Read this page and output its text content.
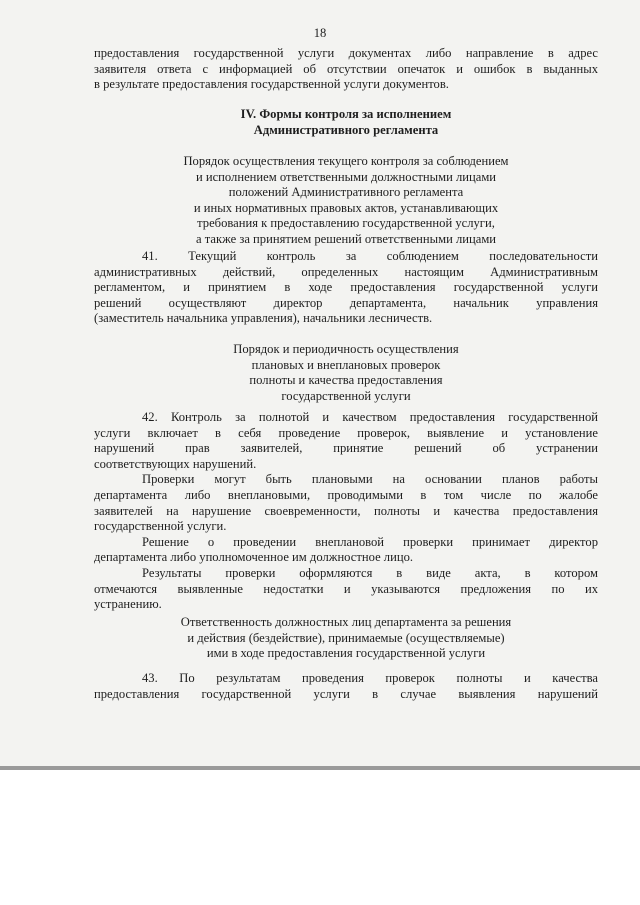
18

предоставления государственной услуги документах либо направление в адрес

заявителя ответа с информацией об отсутствии опечаток и ошибок в выданных

в результате предоставления государственной услуги документов.

IV. Формы контроля за исполнением

Административного регламента

Порядок осуществления текущего контроля за соблюдением

и исполнением ответственными должностными лицами

положений Административного регламента

и иных нормативных правовых актов, устанавливающих

требования к предоставлению государственной услуги,

а также за принятием решений ответственными лицами

41. Текущий контроль за соблюдением последовательности

административных действий, определенных настоящим Административным

регламентом, и принятием в ходе предоставления государственной услуги

решений осуществляют директор департамента, начальник управления

(заместитель начальника управления), начальники лесничеств.

Порядок и периодичность осуществления

плановых и внеплановых проверок

полноты и качества предоставления

государственной услуги

42. Контроль за полнотой и качеством предоставления государственной

услуги включает в себя проведение проверок, выявление и установление

нарушений прав заявителей, принятие решений об устранении

соответствующих нарушений.

Проверки могут быть плановыми на основании планов работы

департамента либо внеплановыми, проводимыми в том числе по жалобе

заявителей на нарушение своевременности, полноты и качества предоставления

государственной услуги.

Решение о проведении внеплановой проверки принимает директор

департамента либо уполномоченное им должностное лицо.

Результаты проверки оформляются в виде акта, в котором

отмечаются выявленные недостатки и указываются предложения по их

устранению.

Ответственность должностных лиц департамента за решения

и действия (бездействие), принимаемые (осуществляемые)

ими в ходе предоставления государственной услуги

43. По результатам проведения проверок полноты и качества

предоставления государственной услуги в случае выявления нарушений
